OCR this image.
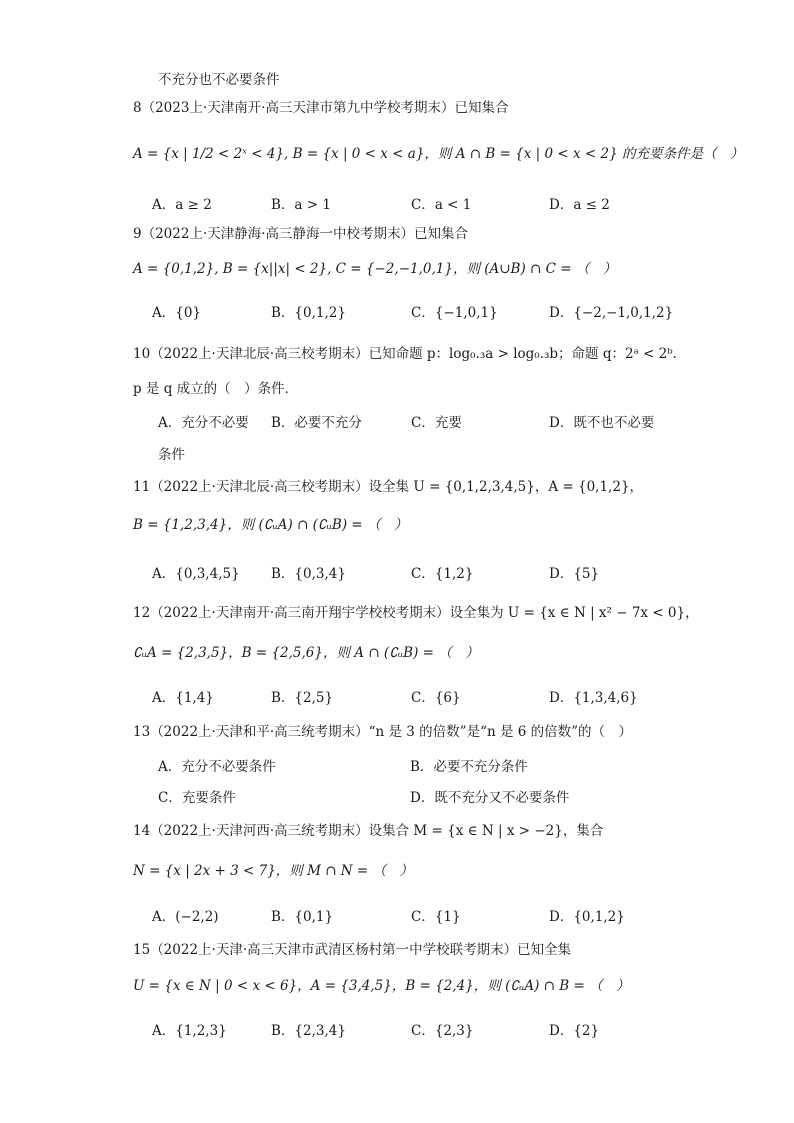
不充分也不必要条件
8（2023上·天津南开·高三天津市第九中学校考期末）已知集合
A = {x | 1/2 < 2ˣ < 4}, B = {x | 0 < x < a}，则 A ∩ B = {x | 0 < x < 2} 的充要条件是（　）
A．a ≥ 2	B．a > 1	C．a < 1	D．a ≤ 2
9（2022上·天津静海·高三静海一中校考期末）已知集合
A = {0,1,2}, B = {x||x| < 2}, C = {−2,−1,0,1}，则 (A∪B) ∩ C = （　）
A．{0}	B．{0,1,2}	C．{−1,0,1}	D．{−2,−1,0,1,2}
10（2022上·天津北辰·高三校考期末）已知命题 p：log₀.₃a > log₀.₃b；命题 q：2ᵃ < 2ᵇ．
p 是 q 成立的（　）条件．
A．充分不必要 B．必要不充分	C．充要	D．既不也不必要
条件
11（2022上·天津北辰·高三校考期末）设全集 U = {0,1,2,3,4,5}，A = {0,1,2}，
B = {1,2,3,4}，则 (∁ᵤA) ∩ (∁ᵤB) = （　）
A．{0,3,4,5} B．{0,3,4}	C．{1,2}	D．{5}
12（2022上·天津南开·高三南开翔宇学校校考期末）设全集为 U = {x ∈ N | x² − 7x < 0}，
∁ᵤA = {2,3,5}，B = {2,5,6}，则 A ∩ (∁ᵤB) = （　）
A．{1,4}	B．{2,5}	C．{6}	D．{1,3,4,6}
13（2022上·天津和平·高三统考期末）“n 是 3 的倍数”是“n 是 6 的倍数”的（　）
A．充分不必要条件	B．必要不充分条件
C．充要条件	D．既不充分又不必要条件
14（2022上·天津河西·高三统考期末）设集合 M = {x ∈ N | x > −2}，集合
N = {x | 2x + 3 < 7}，则 M ∩ N = （　）
A．(−2,2)	B．{0,1}	C．{1}	D．{0,1,2}
15（2022上·天津·高三天津市武清区杨村第一中学校联考期末）已知全集
U = {x ∈ N | 0 < x < 6}，A = {3,4,5}，B = {2,4}，则 (∁ᵤA) ∩ B = （　）
A．{1,2,3}	B．{2,3,4}	C．{2,3}	D．{2}
